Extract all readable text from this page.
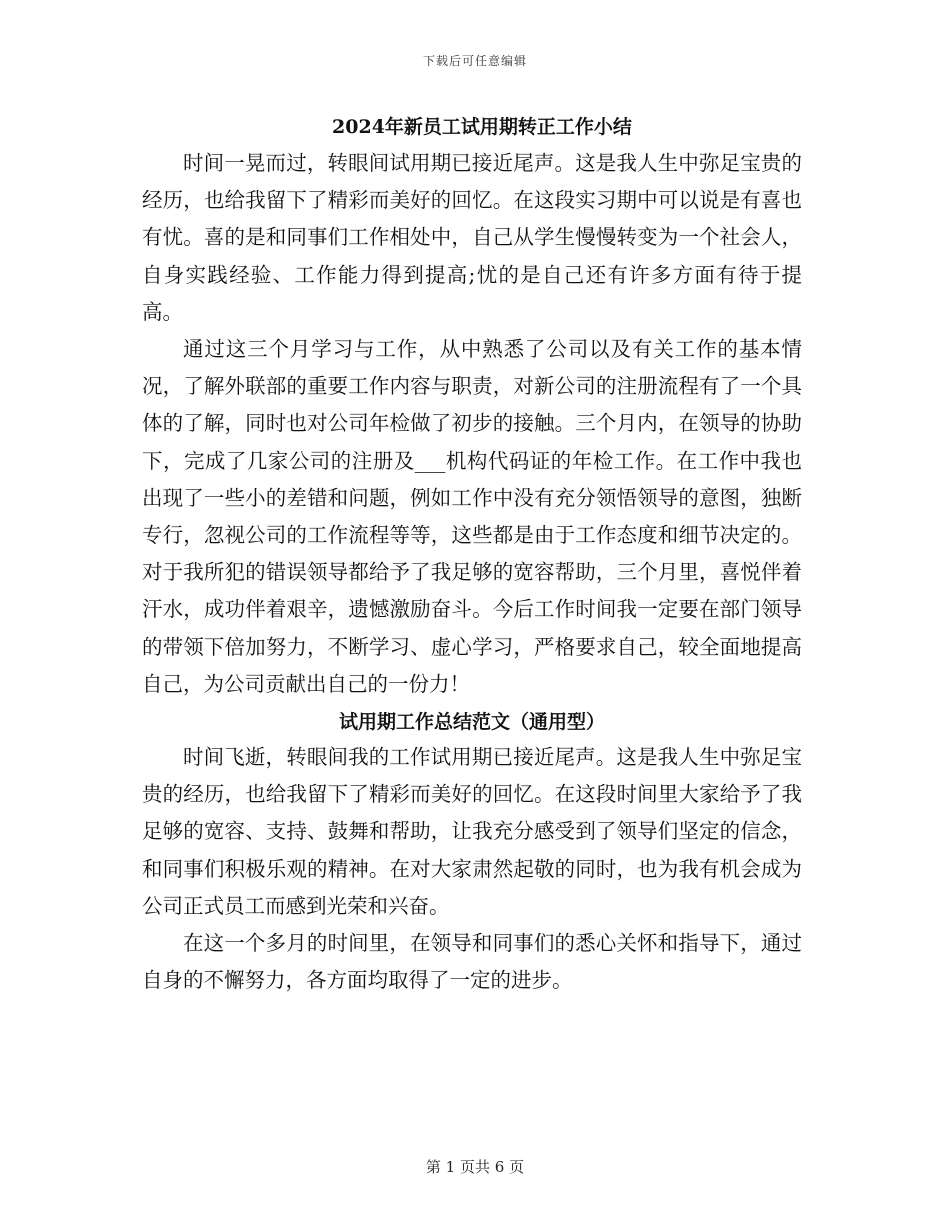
下载后可任意编辑
2024年新员工试用期转正工作小结

时间一晃而过，转眼间试用期已接近尾声。这是我人生中弥足宝贵的经历，也给我留下了精彩而美好的回忆。在这段实习期中可以说是有喜也有忧。喜的是和同事们工作相处中，自己从学生慢慢转变为一个社会人，自身实践经验、工作能力得到提高;忧的是自己还有许多方面有待于提高。

通过这三个月学习与工作，从中熟悉了公司以及有关工作的基本情况，了解外联部的重要工作内容与职责，对新公司的注册流程有了一个具体的了解，同时也对公司年检做了初步的接触。三个月内，在领导的协助下，完成了几家公司的注册及___机构代码证的年检工作。在工作中我也出现了一些小的差错和问题，例如工作中没有充分领悟领导的意图，独断专行，忽视公司的工作流程等等，这些都是由于工作态度和细节决定的。对于我所犯的错误领导都给予了我足够的宽容帮助，三个月里，喜悦伴着汗水，成功伴着艰辛，遗憾激励奋斗。今后工作时间我一定要在部门领导的带领下倍加努力，不断学习、虚心学习，严格要求自己，较全面地提高自己，为公司贡献出自己的一份力！

试用期工作总结范文（通用型）

时间飞逝，转眼间我的工作试用期已接近尾声。这是我人生中弥足宝贵的经历，也给我留下了精彩而美好的回忆。在这段时间里大家给予了我足够的宽容、支持、鼓舞和帮助，让我充分感受到了领导们坚定的信念，和同事们积极乐观的精神。在对大家肃然起敬的同时，也为我有机会成为公司正式员工而感到光荣和兴奋。

在这一个多月的时间里，在领导和同事们的悉心关怀和指导下，通过自身的不懈努力，各方面均取得了一定的进步。

第 1 页共 6 页
